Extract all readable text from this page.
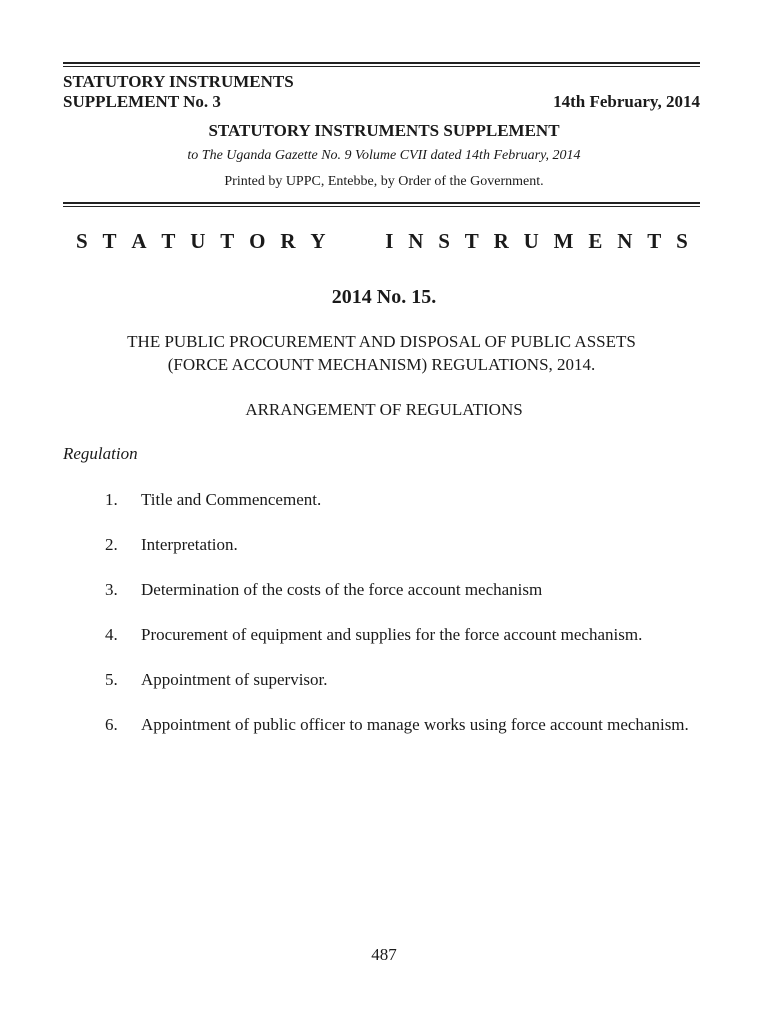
STATUTORY INSTRUMENTS
SUPPLEMENT No. 3	14th February, 2014
STATUTORY INSTRUMENTS SUPPLEMENT
to The Uganda Gazette No. 9 Volume CVII dated 14th February, 2014
Printed by UPPC, Entebbe, by Order of the Government.
S T A T U T O R Y	I N S T R U M E N T S
2014 No. 15.
THE PUBLIC PROCUREMENT AND DISPOSAL OF PUBLIC ASSETS
(FORCE ACCOUNT MECHANISM) REGULATIONS, 2014.
ARRANGEMENT OF REGULATIONS
Regulation
1.	Title and Commencement.
2.	Interpretation.
3.	Determination of the costs of the force account mechanism
4.	Procurement of equipment and supplies for the force account mechanism.
5.	Appointment of supervisor.
6.	Appointment of public officer to manage works using force account mechanism.
487
